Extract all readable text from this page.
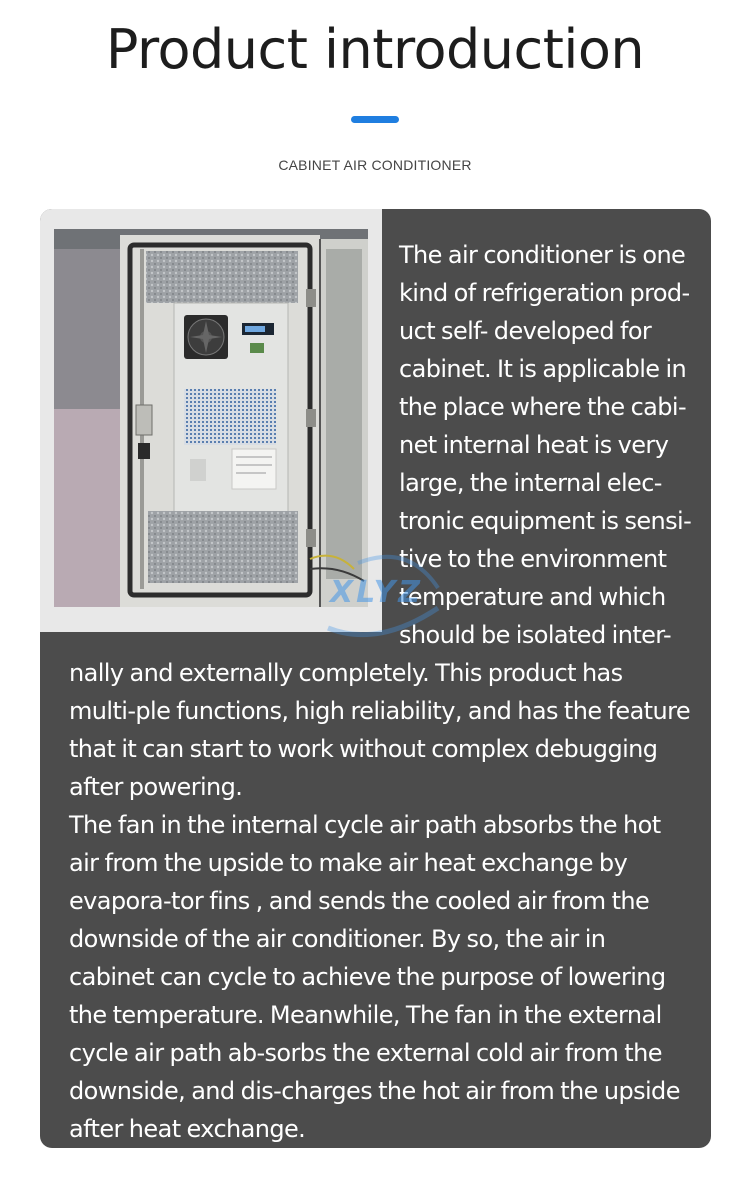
Product introduction
CABINET AIR CONDITIONER

The air conditioner is one kind of refrigeration prod-uct self- developed for cabinet. It is applicable in the place where the cabi-net internal heat is very large, the internal elec-tronic equipment is sensi-tive to the environment temperature and which should be isolated inter-nally and externally completely. This product has multi-ple functions, high reliability, and has the feature that it can start to work without complex debugging after powering.

The fan in the internal cycle air path absorbs the hot air from the upside to make air heat exchange by evapora-tor fins , and sends the cooled air from the downside of the air conditioner. By so, the air in cabinet can cycle to achieve the purpose of lowering the temperature. Meanwhile, The fan in the external cycle air path ab-sorbs the external cold air from the downside, and dis-charges the hot air from the upside after heat exchange.

XLYZ
